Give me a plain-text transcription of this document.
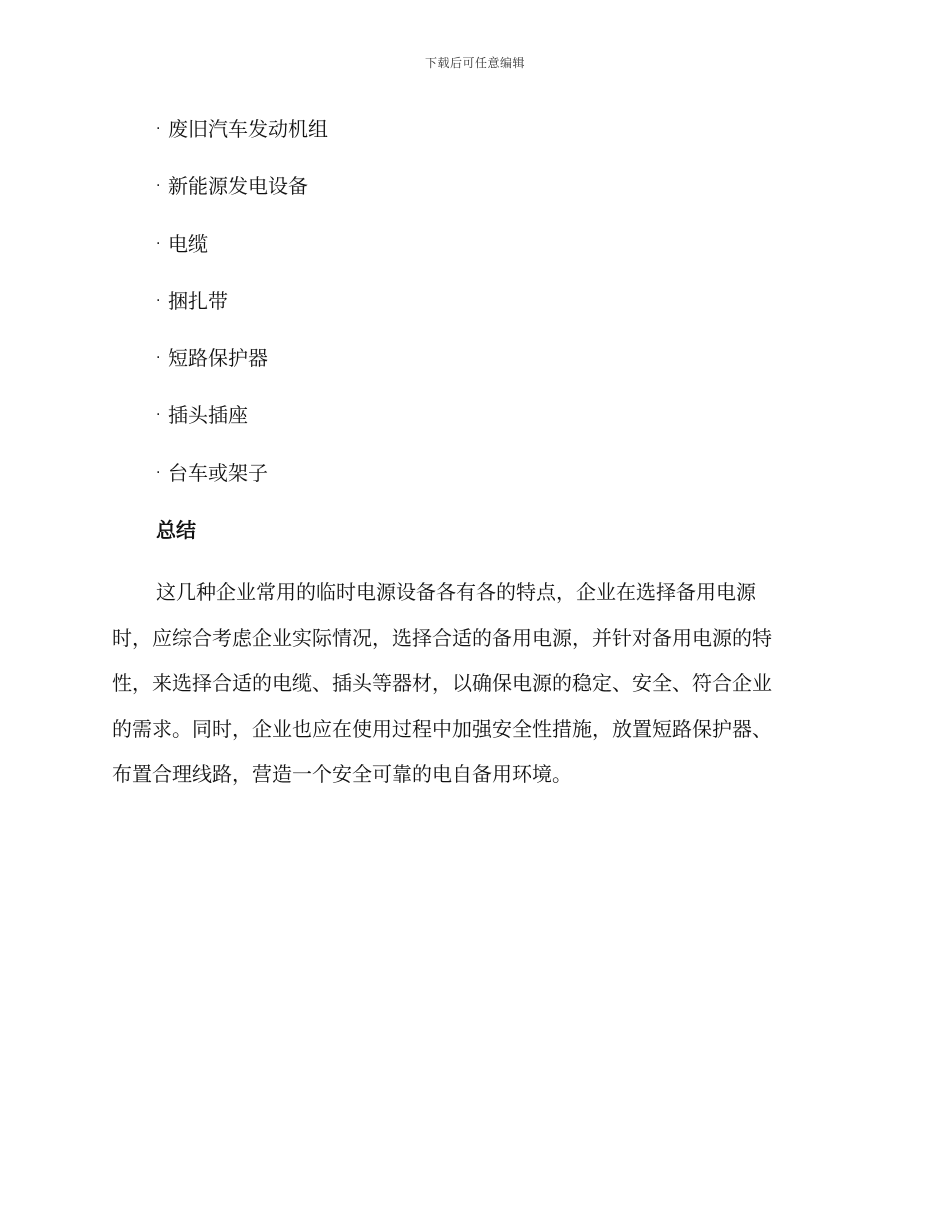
下载后可任意编辑
· 废旧汽车发动机组
· 新能源发电设备
· 电缆
· 捆扎带
· 短路保护器
· 插头插座
· 台车或架子
总结

这几种企业常用的临时电源设备各有各的特点，企业在选择备用电源
时，应综合考虑企业实际情况，选择合适的备用电源，并针对备用电源的特
性，来选择合适的电缆、插头等器材，以确保电源的稳定、安全、符合企业
的需求。同时，企业也应在使用过程中加强安全性措施，放置短路保护器、
布置合理线路，营造一个安全可靠的电自备用环境。
